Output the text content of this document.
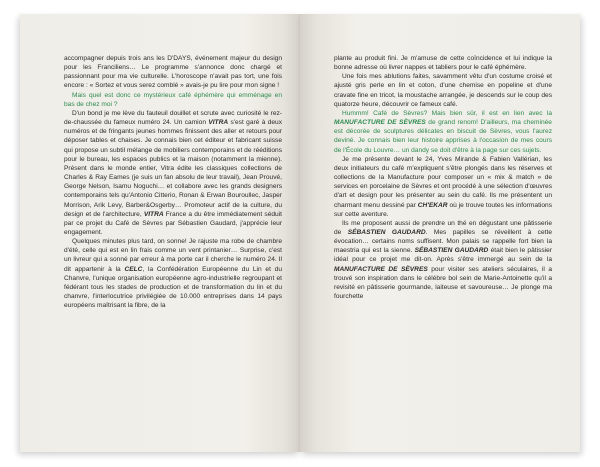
accompagner depuis trois ans les D'DAYS, événement majeur du design pour les Franciliens… Le programme s'annonce donc chargé et passionnant pour ma vie culturelle. L'horoscope n'avait pas tort, une fois encore : « Sortez et vous serez comblé » avais-je pu lire pour mon signe !

Mais quel est donc ce mystérieux café éphémère qui emménage en bas de chez moi ?

D'un bond je me lève du fauteuil douillet et scrute avec curiosité le rez-de-chaussée du fameux numéro 24. Un camion VITRA s'est garé à deux numéros et de fringants jeunes hommes finissent des aller et retours pour déposer tables et chaises. Je connais bien cet éditeur et fabricant suisse qui propose un subtil mélange de mobiliers contemporains et de rééditions pour le bureau, les espaces publics et la maison (notamment la mienne). Présent dans le monde entier, Vitra édite les classiques collections de Charles & Ray Eames (je suis un fan absolu de leur travail), Jean Prouvé, George Nelson, Isamu Noguchi… et collabore avec les grands designers contemporains tels qu'Antonio Citterio, Ronan & Erwan Bouroullec, Jasper Morrison, Arik Levy, Barber&Osgerby… Promoteur actif de la culture, du design et de l'architecture, VITRA France a du être immédiatement séduit par ce projet du Café de Sèvres par Sébastien Gaudard, j'apprécie leur engagement.

Quelques minutes plus tard, on sonne! Je rajuste ma robe de chambre d'été, celle qui est en lin frais comme un vent printanier… Surprise, c'est un livreur qui a sonné par erreur à ma porte car il cherche le numéro 24. Il dit appartenir à la CELC, la Confédération Européenne du Lin et du Chanvre, l'unique organisation européenne agro-industrielle regroupant et fédérant tous les stades de production et de transformation du lin et du chanvre, l'interlocutrice privilégiée de 10.000 entreprises dans 14 pays européens maîtrisant la fibre, de la

plante au produit fini. Je m'amuse de cette coïncidence et lui indique la bonne adresse où livrer nappes et tabliers pour le café éphémère.

Une fois mes ablutions faites, savamment vêtu d'un costume croisé et ajusté gris perle en lin et coton, d'une chemise en popeline et d'une cravate fine en tricot, la moustache arrangée, je descends sur le coup des quatorze heure, découvrir ce fameux café.

Hummm! Café de Sèvres? Mais bien sûr, il est en lien avec la MANUFACTURE DE SÈVRES de grand renom! D'ailleurs, ma cheminée est décorée de sculptures délicates en biscuit de Sèvres, vous l'aurez deviné. Je connais bien leur histoire apprises à l'occasion de mes cours de l'École du Louvre… un dandy se doit d'être à la page sur ces sujets.

Je me présente devant le 24, Yves Mirande & Fabien Vallérian, les deux initiateurs du café m'expliquent s'être plongés dans les réserves et collections de la Manufacture pour composer un « mix & match » de services en porcelaine de Sèvres et ont procédé à une sélection d'œuvres d'art et design pour les présenter au sein du café. Ils me présentent un charmant menu dessiné par CH'EKAR où je trouve toutes les informations sur cette aventure.

Ils me proposent aussi de prendre un thé en dégustant une pâtisserie de SÉBASTIEN GAUDARD. Mes papilles se réveillent à cette évocation… certains noms suffisent. Mon palais se rappelle fort bien la maestria qui est la sienne. SÉBASTIEN GAUDARD était bien le pâtissier idéal pour ce projet me dit-on. Après s'être immergé au sein de la MANUFACTURE DE SÈVRES pour visiter ses ateliers séculaires, il a trouvé son inspiration dans le célèbre bol sein de Marie-Antoinette qu'il a revisité en pâtisserie gourmande, laiteuse et savoureuse… Je plonge ma fourchette
